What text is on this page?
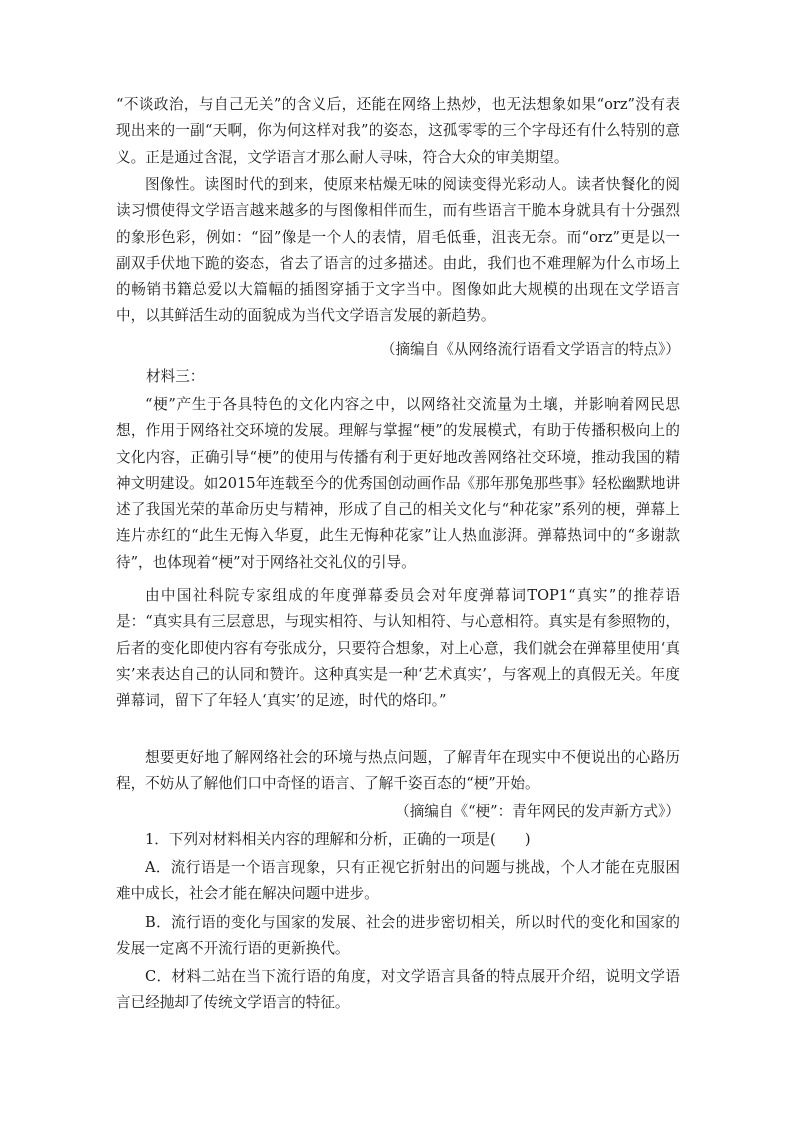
“不谈政治，与自己无关”的含义后，还能在网络上热炒，也无法想象如果“orz”没有表现出来的一副“天啊，你为何这样对我”的姿态，这孤零零的三个字母还有什么特别的意义。正是通过含混，文学语言才那么耐人寻味，符合大众的审美期望。

图像性。读图时代的到来，使原来枯燥无味的阅读变得光彩动人。读者快餐化的阅读习惯使得文学语言越来越多的与图像相伴而生，而有些语言干脆本身就具有十分强烈的象形色彩，例如：“囧”像是一个人的表情，眉毛低垂，沮丧无奈。而“orz”更是以一副双手伏地下跪的姿态，省去了语言的过多描述。由此，我们也不难理解为什么市场上的畅销书籍总爱以大篇幅的插图穿插于文字当中。图像如此大规模的出现在文学语言中，以其鲜活生动的面貌成为当代文学语言发展的新趋势。

（摘编自《从网络流行语看文学语言的特点》）

材料三：

“梗”产生于各具特色的文化内容之中，以网络社交流量为土壤，并影响着网民思想，作用于网络社交环境的发展。理解与掌握“梗”的发展模式，有助于传播积极向上的文化内容，正确引导“梗”的使用与传播有利于更好地改善网络社交环境，推动我国的精神文明建设。如2015年连载至今的优秀国创动画作品《那年那兔那些事》轻松幽默地讲述了我国光荣的革命历史与精神，形成了自己的相关文化与“种花家”系列的梗，弹幕上连片赤红的“此生无悔入华夏，此生无悔种花家”让人热血澎湃。弹幕热词中的“多谢款待”，也体现着“梗”对于网络社交礼仪的引导。

由中国社科院专家组成的年度弹幕委员会对年度弹幕词TOP1“真实”的推荐语是：“真实具有三层意思，与现实相符、与认知相符、与心意相符。真实是有参照物的，后者的变化即使内容有夸张成分，只要符合想象，对上心意，我们就会在弹幕里使用‘真实’来表达自己的认同和赞许。这种真实是一种‘艺术真实’，与客观上的真假无关。年度弹幕词，留下了年轻人‘真实’的足迹，时代的烙印。”

想要更好地了解网络社会的环境与热点问题，了解青年在现实中不便说出的心路历程，不妨从了解他们口中奇怪的语言、了解千姿百态的“梗”开始。

（摘编自《“梗”：青年网民的发声新方式》）

1．下列对材料相关内容的理解和分析，正确的一项是(　　)

A．流行语是一个语言现象，只有正视它折射出的问题与挑战，个人才能在克服困难中成长，社会才能在解决问题中进步。

B．流行语的变化与国家的发展、社会的进步密切相关，所以时代的变化和国家的发展一定离不开流行语的更新换代。

C．材料二站在当下流行语的角度，对文学语言具备的特点展开介绍，说明文学语言已经抛却了传统文学语言的特征。
